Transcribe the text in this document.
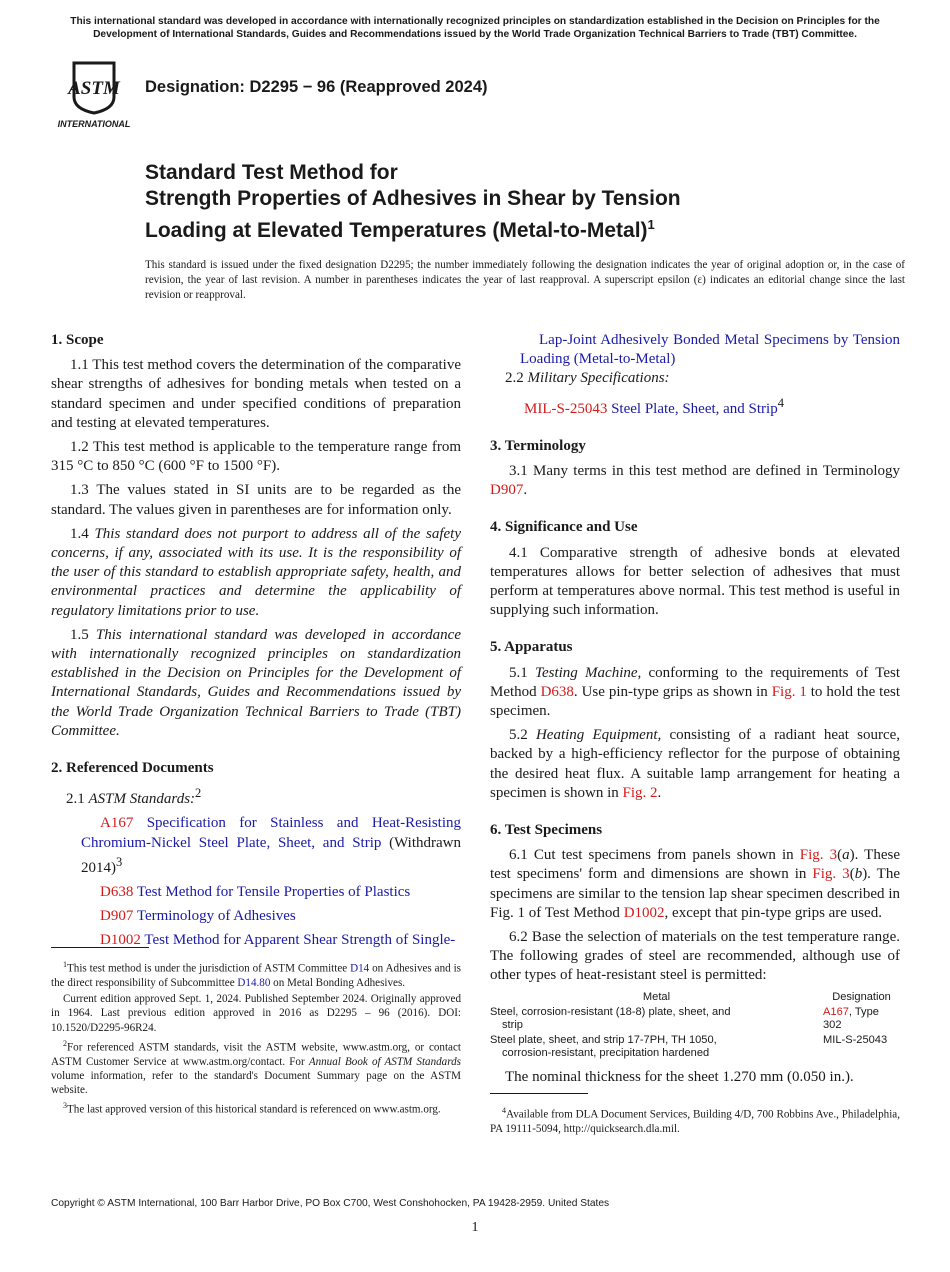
This international standard was developed in accordance with internationally recognized principles on standardization established in the Decision on Principles for the Development of International Standards, Guides and Recommendations issued by the World Trade Organization Technical Barriers to Trade (TBT) Committee.
ASTM
INTERNATIONAL
Designation: D2295 − 96 (Reapproved 2024)
Standard Test Method for
Strength Properties of Adhesives in Shear by Tension
Loading at Elevated Temperatures (Metal-to-Metal)$^1$
This standard is issued under the fixed designation D2295; the number immediately following the designation indicates the year of original adoption or, in the case of revision, the year of last revision. A number in parentheses indicates the year of last reapproval. A superscript epsilon (ε) indicates an editorial change since the last revision or reapproval.
1. Scope

1.1 This test method covers the determination of the comparative shear strengths of adhesives for bonding metals when tested on a standard specimen and under specified conditions of preparation and testing at elevated temperatures.

1.2 This test method is applicable to the temperature range from 315 °C to 850 °C (600 °F to 1500 °F).

1.3 The values stated in SI units are to be regarded as the standard. The values given in parentheses are for information only.

1.4 This standard does not purport to address all of the safety concerns, if any, associated with its use. It is the responsibility of the user of this standard to establish appropriate safety, health, and environmental practices and determine the applicability of regulatory limitations prior to use.

1.5 This international standard was developed in accordance with internationally recognized principles on standardization established in the Decision on Principles for the Development of International Standards, Guides and Recommendations issued by the World Trade Organization Technical Barriers to Trade (TBT) Committee.

2. Referenced Documents

2.1 ASTM Standards:$^2$

A167 Specification for Stainless and Heat-Resisting Chromium-Nickel Steel Plate, Sheet, and Strip (Withdrawn 2014)$^3$

D638 Test Method for Tensile Properties of Plastics

D907 Terminology of Adhesives

D1002 Test Method for Apparent Shear Strength of Single-

$^1$This test method is under the jurisdiction of ASTM Committee D14 on Adhesives and is the direct responsibility of Subcommittee D14.80 on Metal Bonding Adhesives.

Current edition approved Sept. 1, 2024. Published September 2024. Originally approved in 1964. Last previous edition approved in 2016 as D2295 – 96 (2016). DOI: 10.1520/D2295-96R24.

$^2$For referenced ASTM standards, visit the ASTM website, www.astm.org, or contact ASTM Customer Service at www.astm.org/contact. For Annual Book of ASTM Standards volume information, refer to the standard's Document Summary page on the ASTM website.

$^3$The last approved version of this historical standard is referenced on www.astm.org.

Lap-Joint Adhesively Bonded Metal Specimens by Tension Loading (Metal-to-Metal)

2.2 Military Specifications:

MIL-S-25043 Steel Plate, Sheet, and Strip$^4$

3. Terminology

3.1 Many terms in this test method are defined in Terminology D907.

4. Significance and Use

4.1 Comparative strength of adhesive bonds at elevated temperatures allows for better selection of adhesives that must perform at temperatures above normal. This test method is useful in supplying such information.

5. Apparatus

5.1 Testing Machine, conforming to the requirements of Test Method D638. Use pin-type grips as shown in Fig. 1 to hold the test specimen.

5.2 Heating Equipment, consisting of a radiant heat source, backed by a high-efficiency reflector for the purpose of obtaining the desired heat flux. A suitable lamp arrangement for heating a specimen is shown in Fig. 2.

6. Test Specimens

6.1 Cut test specimens from panels shown in Fig. 3(a). These test specimens' form and dimensions are shown in Fig. 3(b). The specimens are similar to the tension lap shear specimen described in Fig. 1 of Test Method D1002, except that pin-type grips are used.

6.2 Base the selection of materials on the test temperature range. The following grades of steel are recommended, although use of other types of heat-resistant steel is permitted:

Metal	Designation

Steel, corrosion-resistant (18-8) plate, sheet, and
strip	A167, Type 302

Steel plate, sheet, and strip 17-7PH, TH 1050,
corrosion-resistant, precipitation hardened	MIL-S-25043

The nominal thickness for the sheet 1.270 mm (0.050 in.).

$^4$Available from DLA Document Services, Building 4/D, 700 Robbins Ave., Philadelphia, PA 19111-5094, http://quicksearch.dla.mil.

Copyright © ASTM International, 100 Barr Harbor Drive, PO Box C700, West Conshohocken, PA 19428-2959. United States
1
